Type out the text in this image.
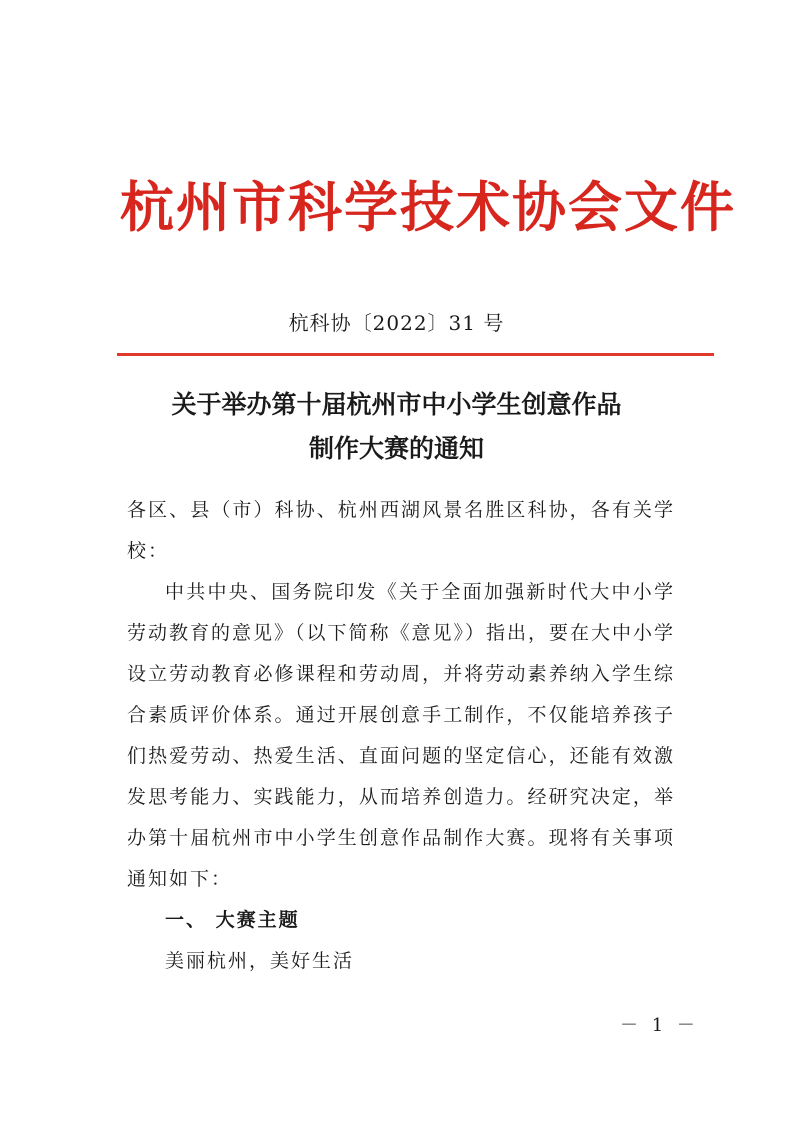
杭州市科学技术协会文件
杭科协〔2022〕31 号
关于举办第十届杭州市中小学生创意作品
制作大赛的通知

各区、县（市）科协、杭州西湖风景名胜区科协，各有关学校：

中共中央、国务院印发《关于全面加强新时代大中小学劳动教育的意见》（以下简称《意见》）指出，要在大中小学设立劳动教育必修课程和劳动周，并将劳动素养纳入学生综合素质评价体系。通过开展创意手工制作，不仅能培养孩子们热爱劳动、热爱生活、直面问题的坚定信心，还能有效激发思考能力、实践能力，从而培养创造力。经研究决定，举办第十届杭州市中小学生创意作品制作大赛。现将有关事项通知如下：

一、 大赛主题

美丽杭州，美好生活

－ 1 －
